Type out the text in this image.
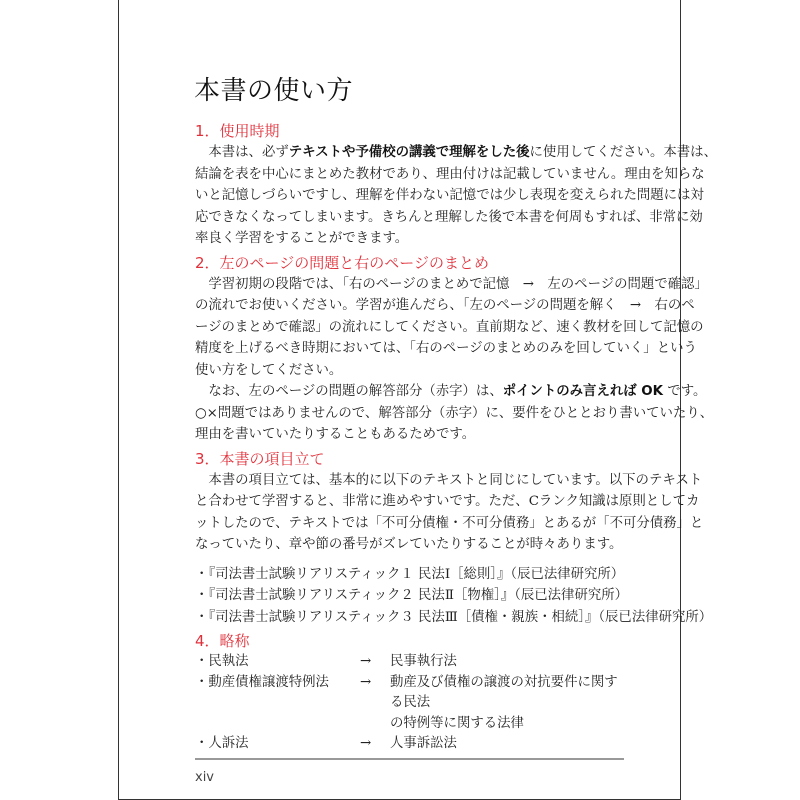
本書の使い方
1．使用時期
　本書は、必ずテキストや予備校の講義で理解をした後に使用してください。本書は、
結論を表を中心にまとめた教材であり、理由付けは記載していません。理由を知らな
いと記憶しづらいですし、理解を伴わない記憶では少し表現を変えられた問題には対
応できなくなってしまいます。きちんと理解した後で本書を何周もすれば、非常に効
率良く学習をすることができます。
2．左のページの問題と右のページのまとめ
　学習初期の段階では、「右のページのまとめで記憶　→　左のページの問題で確認」
の流れでお使いください。学習が進んだら、「左のページの問題を解く　→　右のペ
ージのまとめで確認」の流れにしてください。直前期など、速く教材を回して記憶の
精度を上げるべき時期においては、「右のページのまとめのみを回していく」という
使い方をしてください。
　なお、左のページの問題の解答部分（赤字）は、ポイントのみ言えれば OK です。
○×問題ではありませんので、解答部分（赤字）に、要件をひととおり書いていたり、
理由を書いていたりすることもあるためです。
3．本書の項目立て
　本書の項目立ては、基本的に以下のテキストと同じにしています。以下のテキスト
と合わせて学習すると、非常に進めやすいです。ただ、Cランク知識は原則としてカ
ットしたので、テキストでは「不可分債権・不可分債務」とあるが「不可分債務」と
なっていたり、章や節の番号がズレていたりすることが時々あります。
・『司法書士試験リアリスティック１ 民法Ⅰ［総則］』（辰已法律研究所）
・『司法書士試験リアリスティック２ 民法Ⅱ［物権］』（辰已法律研究所）
・『司法書士試験リアリスティック３ 民法Ⅲ［債権・親族・相続］』（辰已法律研究所）
4．略称
・民執法	→	民事執行法
・動産債権譲渡特例法	→	動産及び債権の譲渡の対抗要件に関する民法
の特例等に関する法律
・人訴法	→	人事訴訟法
xiv
